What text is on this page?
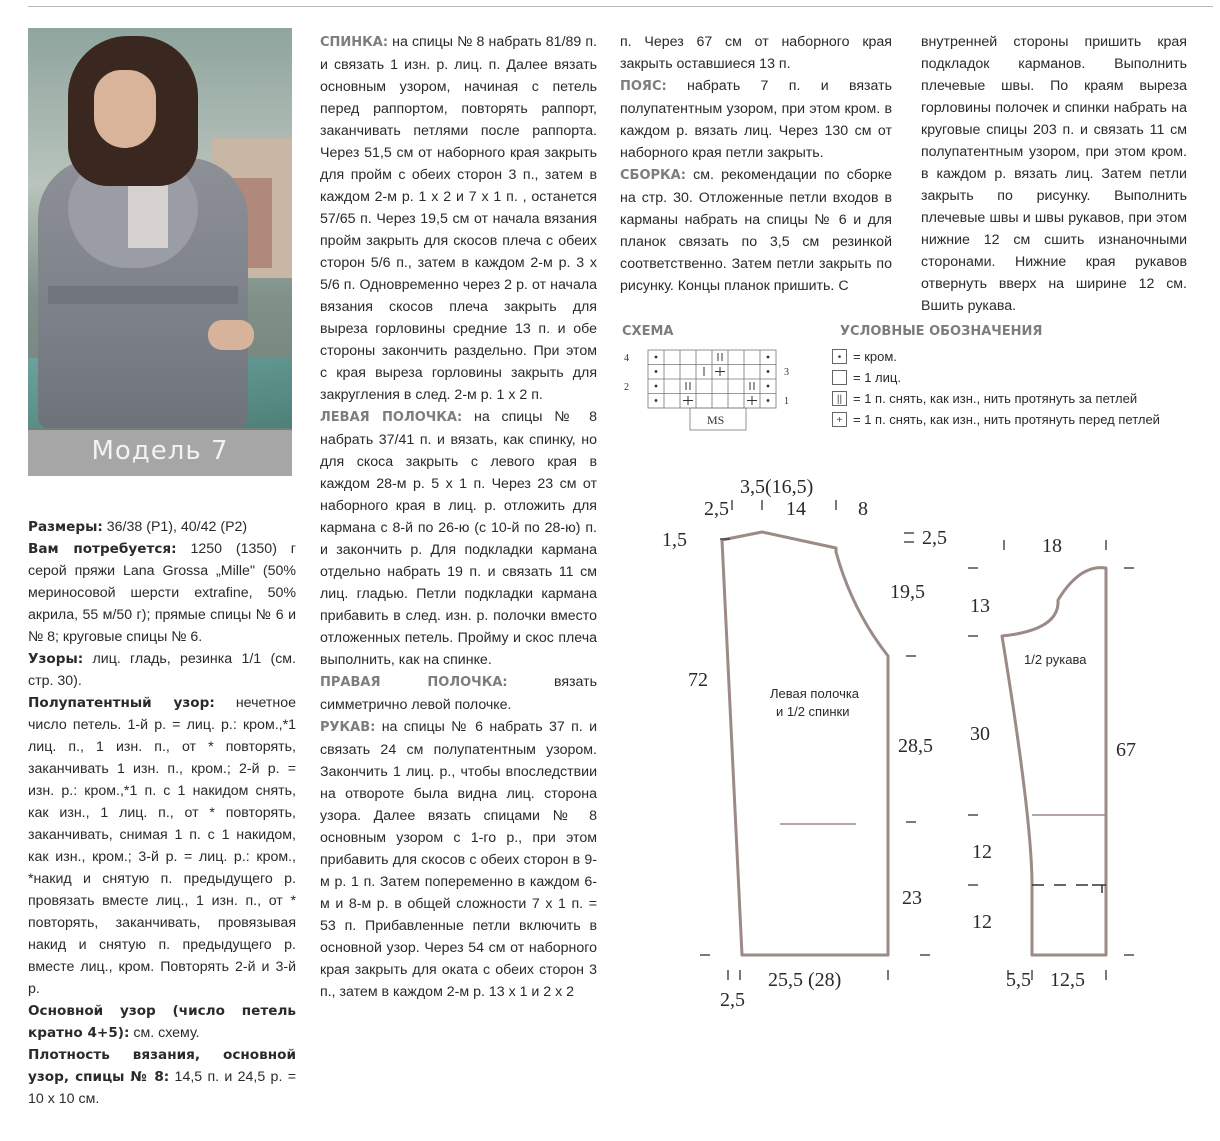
Модель 7

Размеры: 36/38 (Р1), 40/42 (Р2)

Вам потребуется: 1250 (1350) г серой пряжи Lana Grossa „Mille" (50% мериносовой шерсти extrafine, 50% акрила, 55 м/50 г); прямые спицы № 6 и № 8; круговые спицы № 6.

Узоры: лиц. гладь, резинка 1/1 (см. стр. 30).

Полупатентный узор: нечетное число петель. 1-й р. = лиц. р.: кром.,*1 лиц. п., 1 изн. п., от * повторять, заканчивать 1 изн. п., кром.; 2-й р. = изн. р.: кром.,*1 п. с 1 накидом снять, как изн., 1 лиц. п., от * повторять, заканчивать, снимая 1 п. с 1 накидом, как изн., кром.; 3-й р. = лиц. р.: кром., *накид и снятую п. предыдущего р. провязать вместе лиц., 1 изн. п., от * повторять, заканчивать, провязывая накид и снятую п. предыдущего р. вместе лиц., кром. Повторять 2-й и 3-й р.

Основной узор (число петель кратно 4+5): см. схему.

Плотность вязания, основной узор, спицы № 8: 14,5 п. и 24,5 р. = 10 х 10 см.

СПИНКА: на спицы № 8 набрать 81/89 п. и связать 1 изн. р. лиц. п. Далее вязать основным узором, начиная с петель перед раппортом, повторять раппорт, заканчивать петлями после раппорта. Через 51,5 см от наборного края закрыть для пройм с обеих сторон 3 п., затем в каждом 2-м р. 1 х 2 и 7 х 1 п. , останется 57/65 п. Через 19,5 см от начала вязания пройм закрыть для скосов плеча с обеих сторон 5/6 п., затем в каждом 2-м р. 3 х 5/6 п. Одновременно через 2 р. от начала вязания скосов плеча закрыть для выреза горловины средние 13 п. и обе стороны закончить раздельно. При этом с края выреза горловины закрыть для закругления в след. 2-м р. 1 х 2 п.

ЛЕВАЯ ПОЛОЧКА: на спицы № 8 набрать 37/41 п. и вязать, как спинку, но для скоса закрыть с левого края в каждом 28-м р. 5 х 1 п. Через 23 см от наборного края в лиц. р. отложить для кармана с 8-й по 26-ю (с 10-й по 28-ю) п. и закончить р. Для подкладки кармана отдельно набрать 19 п. и связать 11 см лиц. гладью. Петли подкладки кармана прибавить в след. изн. р. полочки вместо отложенных петель. Пройму и скос плеча выполнить, как на спинке.

ПРАВАЯ ПОЛОЧКА: вязать симметрично левой полочке.

РУКАВ: на спицы № 6 набрать 37 п. и связать 24 см полупатентным узором. Закончить 1 лиц. р., чтобы впоследствии на отвороте была видна лиц. сторона узора. Далее вязать спицами № 8 основным узором с 1-го р., при этом прибавить для скосов с обеих сторон в 9-м р. 1 п. Затем попеременно в каждом 6-м и 8-м р. в общей сложности 7 х 1 п. = 53 п. Прибавленные петли включить в основной узор. Через 54 см от наборного края закрыть для оката с обеих сторон 3 п., затем в каждом 2-м р. 13 х 1 и 2 х 2

п. Через 67 см от наборного края закрыть оставшиеся 13 п.

ПОЯС: набрать 7 п. и вязать полупатентным узором, при этом кром. в каждом р. вязать лиц. Через 130 см от наборного края петли закрыть.

СБОРКА: см. рекомендации по сборке на стр. 30. Отложенные петли входов в карманы набрать на спицы № 6 и для планок связать по 3,5 см резинкой соответственно. Затем петли закрыть по рисунку. Концы планок пришить. С

внутренней стороны пришить края подкладок карманов. Выполнить плечевые швы. По краям выреза горловины полочек и спинки набрать на круговые спицы 203 п. и связать 11 см полупатентным узором, при этом кром. в каждом р. вязать лиц. Затем петли закрыть по рисунку. Выполнить плечевые швы и швы рукавов, при этом нижние 12 см сшить изнаночными сторонами. Нижние края рукавов отвернуть вверх на ширине 12 см. Вшить рукава.

СХЕМА	УСЛОВНЫЕ ОБОЗНАЧЕНИЯ
4
2
3
1
MS
• = кром.
= 1 лиц.
|| = 1 п. снять, как изн., нить протянуть за петлей
+ = 1 п. снять, как изн., нить протянуть перед петлей
3,5(16,5)
2,5	14	8
1,5	2,5
19,5
72
28,5
23
25,5 (28)
2,5
18
13
30
12
12
67
5,5 12,5
Левая полочка
и 1/2 спинки
1/2 рукава
